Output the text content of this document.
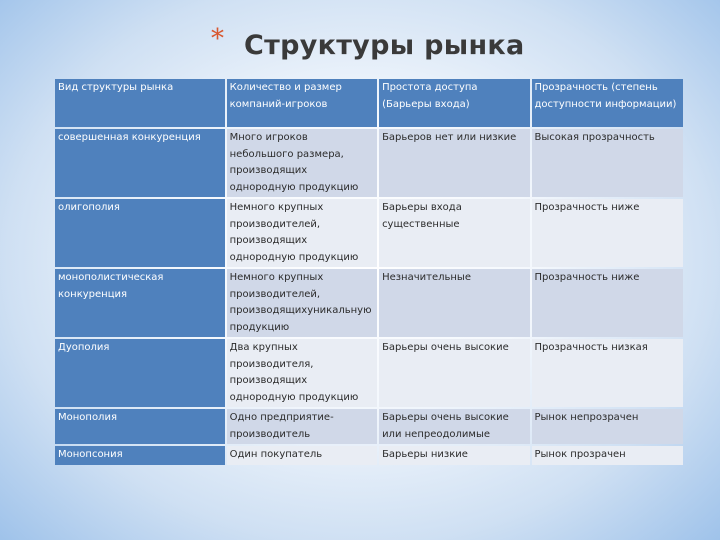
* Структуры рынка
Вид структуры рынка	Количество и размер компаний-игроков	Простота доступа (Барьеры входа)	Прозрачность (степень доступности информации)
совершенная конкуренция	Много игроков небольшого размера, производящих однородную продукцию	Барьеров нет или низкие	Высокая прозрачность
олигополия	Немного крупных производителей, производящих однородную продукцию	Барьеры входа существенные	Прозрачность ниже
монополистическая конкуренция	Немного крупных производителей, производящихуникальную продукцию	Незначительные	Прозрачность ниже
Дуополия	Два крупных производителя, производящих однородную продукцию	Барьеры очень высокие	Прозрачность низкая
Монополия	Одно предприятие-производитель	Барьеры очень высокие или непреодолимые	Рынок непрозрачен
Монопсония	Один покупатель	Барьеры низкие	Рынок прозрачен
